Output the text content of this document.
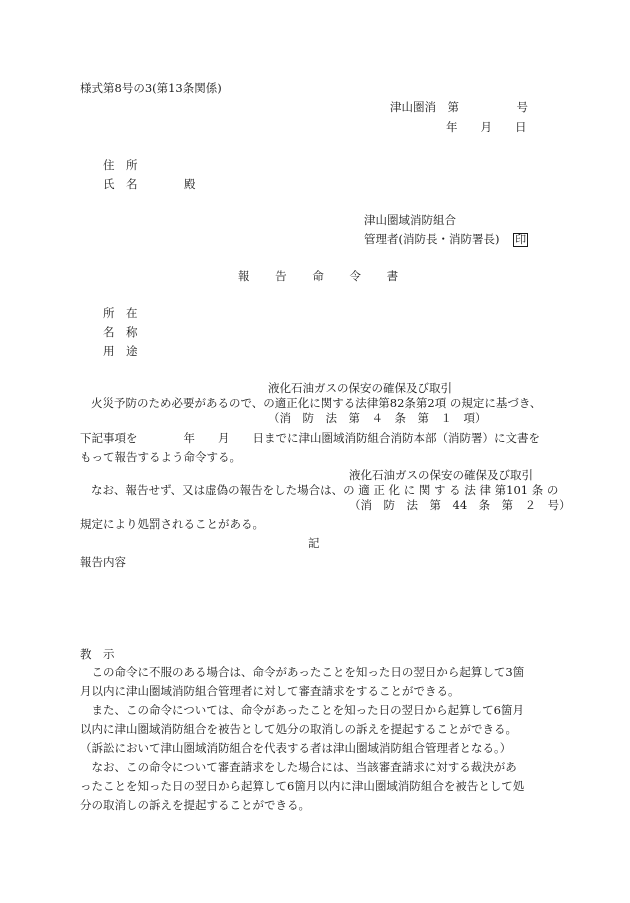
様式第8号の3(第13条関係)
津山圏消　第　　　　　号
年　　月　　日
住　所
氏　名	殿
津山圏域消防組合
管理者(消防長・消防署長) 印
報 告 命 令 書
所　在
名　称
用　途
液化石油ガスの保安の確保及び取引
火災予防のため必要があるので、の適正化に関する法律第82条第2項 の規定に基づき、
（消　防　法　第　４　条　第　１　項）
下記事項を　　　　年　　月　　日までに津山圏域消防組合消防本部（消防署）に文書を
もって報告するよう命令する。
液化石油ガスの保安の確保及び取引
なお、報告せず、又は虚偽の報告をした場合は、の 適 正 化 に 関 す る 法 律 第101 条 の
（消　防　法　第　44　条　第　２　号）
規定により処罰されることがある。
記
報告内容
教　示
　この命令に不服のある場合は、命令があったことを知った日の翌日から起算して3箇月以内に津山圏域消防組合管理者に対して審査請求をすることができる。
　また、この命令については、命令があったことを知った日の翌日から起算して6箇月以内に津山圏域消防組合を被告として処分の取消しの訴えを提起することができる。（訴訟において津山圏域消防組合を代表する者は津山圏域消防組合管理者となる。）
　なお、この命令について審査請求をした場合には、当該審査請求に対する裁決があったことを知った日の翌日から起算して6箇月以内に津山圏域消防組合を被告として処分の取消しの訴えを提起することができる。
